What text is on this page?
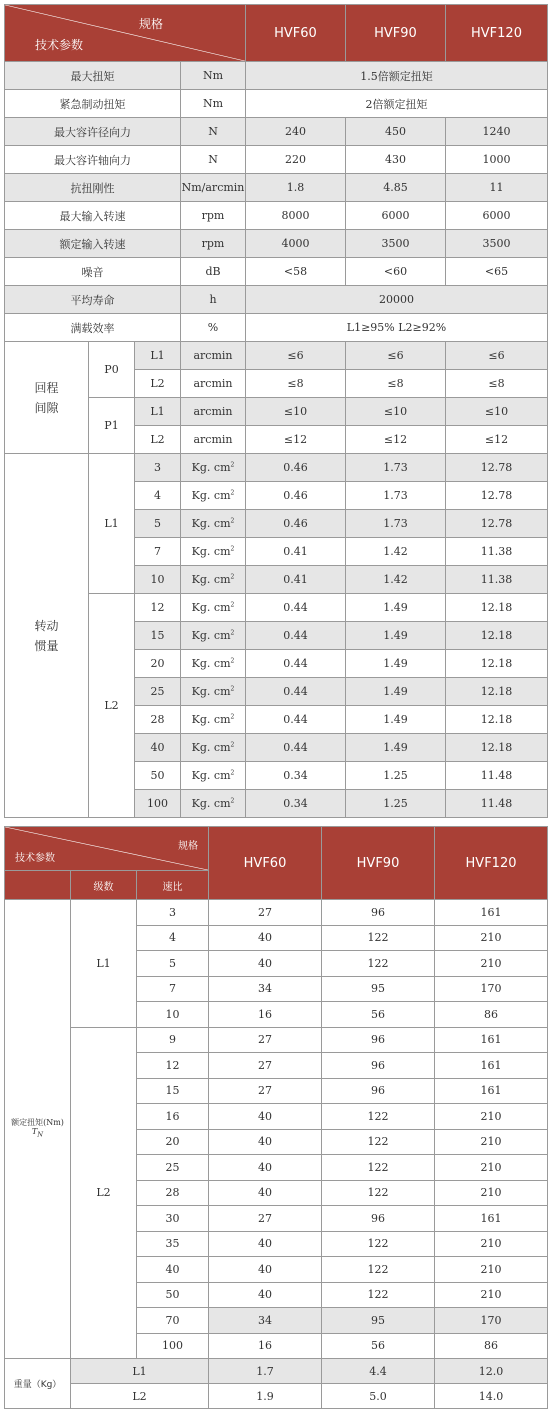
规格
技术参数				HVF60	HVF90	HVF120
最大扭矩			Nm	1.5倍额定扭矩		
紧急制动扭矩			Nm	2倍额定扭矩		
最大容许径向力			N	240	450	1240
最大容许轴向力			N	220	430	1000
抗扭刚性			Nm/arcmin	1.8	4.85	11
最大输入转速			rpm	8000	6000	6000
额定输入转速			rpm	4000	3500	3500
噪音			dB	<58	<60	<65
平均寿命			h	20000		
满载效率			%	L1≥95% L2≥92%		
回程
间隙	P0	L1	arcmin	≤6	≤6	≤6
		L2	arcmin	≤8	≤8	≤8
	P1	L1	arcmin	≤10	≤10	≤10
		L2	arcmin	≤12	≤12	≤12
转动
惯量	L1	3	Kg. $cm^2$	0.46	1.73	12.78
		4	Kg. $cm^2$	0.46	1.73	12.78
		5	Kg. $cm^2$	0.46	1.73	12.78
		7	Kg. $cm^2$	0.41	1.42	11.38
		10	Kg. $cm^2$	0.41	1.42	11.38
	L2	12	Kg. $cm^2$	0.44	1.49	12.18
		15	Kg. $cm^2$	0.44	1.49	12.18
		20	Kg. $cm^2$	0.44	1.49	12.18
		25	Kg. $cm^2$	0.44	1.49	12.18
		28	Kg. $cm^2$	0.44	1.49	12.18
		40	Kg. $cm^2$	0.44	1.49	12.18
		50	Kg. $cm^2$	0.34	1.25	11.48
		100	Kg. $cm^2$	0.34	1.25	11.48
规格
技术参数			HVF60	HVF90	HVF120
	级数	速比			
额定扭矩(Nm)
$T_N$	L1	3	27	96	161
		4	40	122	210
		5	40	122	210
		7	34	95	170
		10	16	56	86
	L2	9	27	96	161
		12	27	96	161
		15	27	96	161
		16	40	122	210
		20	40	122	210
		25	40	122	210
		28	40	122	210
		30	27	96	161
		35	40	122	210
		40	40	122	210
		50	40	122	210
		70	34	95	170
		100	16	56	86
重量（Kg）	L1		1.7	4.4	12.0
	L2		1.9	5.0	14.0
